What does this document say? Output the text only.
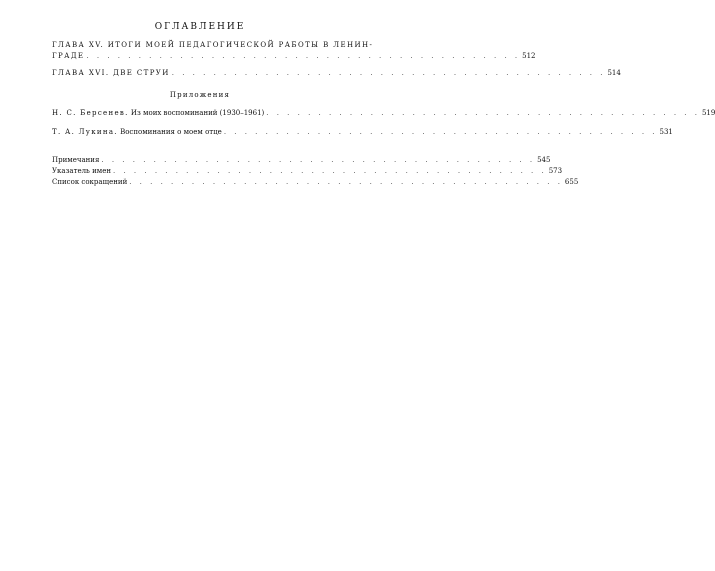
ОГЛАВЛЕНИЕ
ГЛАВА XV. ИТОГИ МОЕЙ ПЕДАГОГИЧЕСКОЙ РАБОТЫ В ЛЕНИН-
ГРАДЕ . . . . . . . . . . . . . . . . . . . . . . . . . . . . . . . . . . . . . . . . . . 512
ГЛАВА XVI. ДВЕ СТРУИ . . . . . . . . . . . . . . . . . . . . . . . . . . . . . . . . . . . . . . . . . . 514
Приложения
Н. С. Берсенев. Из моих воспоминаний (1930–1961) . . . . . . . . . . . . . . . . . . . . . . . . . . . . . . . . . . . . . . . . . . 519
Т. А. Лукина. Воспоминания о моем отце . . . . . . . . . . . . . . . . . . . . . . . . . . . . . . . . . . . . . . . . . . 531
Примечания . . . . . . . . . . . . . . . . . . . . . . . . . . . . . . . . . . . . . . . . . . 545
Указатель имен . . . . . . . . . . . . . . . . . . . . . . . . . . . . . . . . . . . . . . . . . . 573
Список сокращений . . . . . . . . . . . . . . . . . . . . . . . . . . . . . . . . . . . . . . . . . . 655
